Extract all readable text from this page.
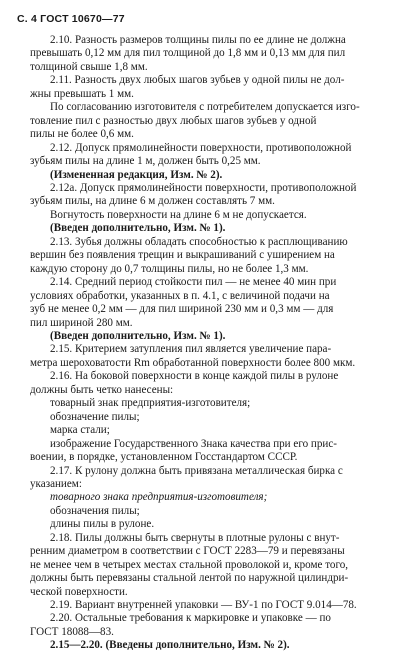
С. 4 ГОСТ 10670—77
2.10. Разность размеров толщины пилы по ее длине не должна
превышать 0,12 мм для пил толщиной до 1,8 мм и 0,13 мм для пил
толщиной свыше 1,8 мм.
2.11. Разность двух любых шагов зубьев у одной пилы не дол-
жны превышать 1 мм.
По согласованию изготовителя с потребителем допускается изго-
товление пил с разностью двух любых шагов зубьев у одной
пилы не более 0,6 мм.
2.12. Допуск прямолинейности поверхности, противоположной
зубьям пилы на длине 1 м, должен быть 0,25 мм.
(Измененная редакция, Изм. № 2).
2.12а. Допуск прямолинейности поверхности, противоположной
зубьям пилы, на длине 6 м должен составлять 7 мм.
Вогнутость поверхности на длине 6 м не допускается.
(Введен дополнительно, Изм. № 1).
2.13. Зубья должны обладать способностью к расплющиванию
вершин без появления трещин и выкрашиваний с уширением на
каждую сторону до 0,7 толщины пилы, но не более 1,3 мм.
2.14. Средний период стойкости пил — не менее 40 мин при
условиях обработки, указанных в п. 4.1, с величиной подачи на
зуб не менее 0,2 мм — для пил шириной 230 мм и 0,3 мм — для
пил шириной 280 мм.
(Введен дополнительно, Изм. № 1).
2.15. Критерием затупления пил является увеличение пара-
метра шероховатости Rm обработанной поверхности более 800 мкм.
2.16. На боковой поверхности в конце каждой пилы в рулоне
должны быть четко нанесены:
товарный знак предприятия-изготовителя;
обозначение пилы;
марка стали;
изображение Государственного Знака качества при его прис-
воении, в порядке, установленном Госстандартом СССР.
2.17. К рулону должна быть привязана металлическая бирка с
указанием:
товарного знака предприятия-изготовителя;
обозначения пилы;
длины пилы в рулоне.
2.18. Пилы должны быть свернуты в плотные рулоны с внут-
ренним диаметром в соответствии с ГОСТ 2283—79 и перевязаны
не менее чем в четырех местах стальной проволокой и, кроме того,
должны быть перевязаны стальной лентой по наружной цилиндри-
ческой поверхности.
2.19. Вариант внутренней упаковки — ВУ-1 по ГОСТ 9.014—78.
2.20. Остальные требования к маркировке и упаковке — по
ГОСТ 18088—83.
2.15—2.20. (Введены дополнительно, Изм. № 2).
